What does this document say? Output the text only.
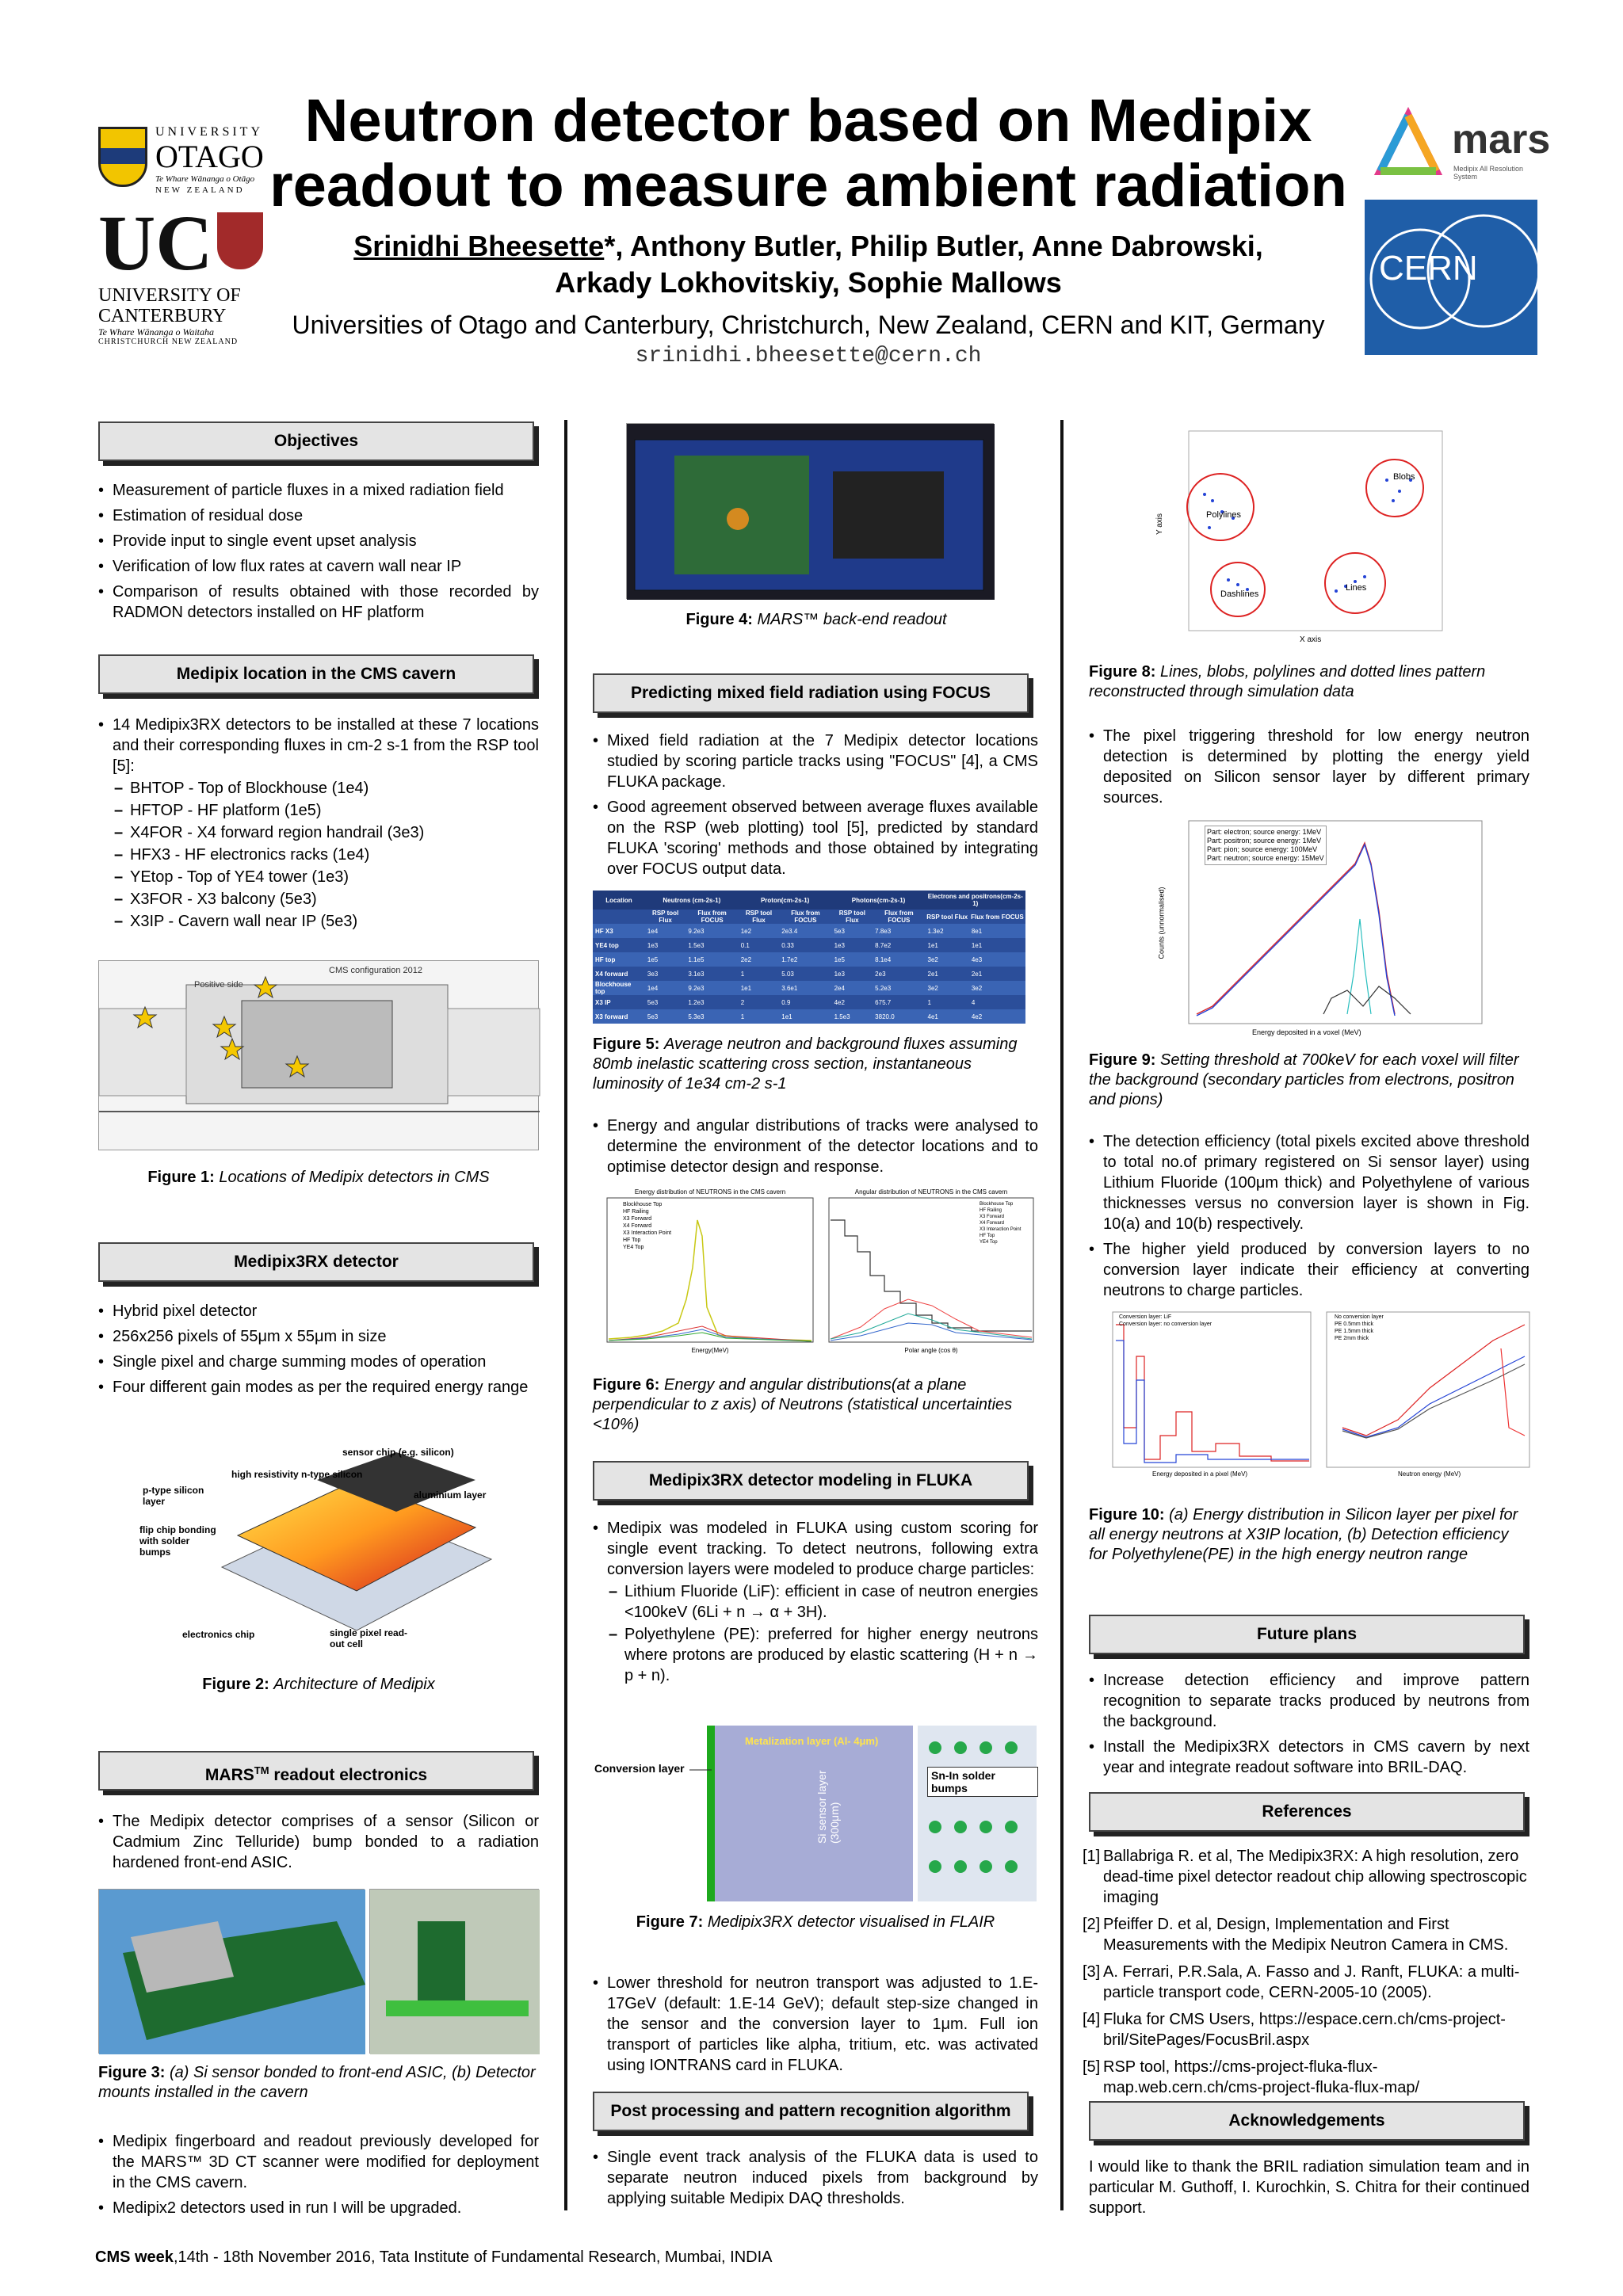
UNIVERSITY
OTAGO
Te Whare Wānanga o Otāgo
NEW ZEALAND
UC
UNIVERSITY OF
CANTERBURY
Te Whare Wānanga o Waitaha
CHRISTCHURCH NEW ZEALAND
Neutron detector based on Medipix
readout to measure ambient radiation
Srinidhi Bheesette*, Anthony Butler, Philip Butler, Anne Dabrowski,
Arkady Lokhovitskiy, Sophie Mallows
Universities of Otago and Canterbury, Christchurch, New Zealand, CERN and KIT, Germany
srinidhi.bheesette@cern.ch
mars
Medipix All Resolution System
CERN
Objectives
• Measurement of particle fluxes in a mixed radiation field
• Estimation of residual dose
• Provide input to single event upset analysis
• Verification of low flux rates at cavern wall near IP
• Comparison of results obtained with those recorded by RADMON detectors installed on HF platform
Medipix location in the CMS cavern
• 14 Medipix3RX detectors to be installed at these 7 locations and their corresponding fluxes in cm-2 s-1 from the RSP tool [5]:
– BHTOP - Top of Blockhouse (1e4)
– HFTOP - HF platform (1e5)
– X4FOR - X4 forward region handrail (3e3)
– HFX3 - HF electronics racks (1e4)
– YEtop - Top of YE4 tower (1e3)
– X3FOR - X3 balcony (5e3)
– X3IP - Cavern wall near IP (5e3)
CMS configuration 2012
Positive side
Figure 1: Locations of Medipix detectors in CMS
Medipix3RX detector
• Hybrid pixel detector
• 256x256 pixels of 55μm x 55μm in size
• Single pixel and charge summing modes of operation
• Four different gain modes as per the required energy range
sensor chip (e.g. silicon)
high resistivity n-type silicon
p-type silicon layer
aluminium layer
flip chip bonding with solder bumps
electronics chip	single pixel read-out cell
Figure 2: Architecture of Medipix
MARS™ readout electronics
• The Medipix detector comprises of a sensor (Silicon or Cadmium Zinc Telluride) bump bonded to a radiation hardened front-end ASIC.
Figure 3: (a) Si sensor bonded to front-end ASIC, (b) Detector mounts installed in the cavern
• Medipix fingerboard and readout previously developed for the MARS™ 3D CT scanner were modified for deployment in the CMS cavern.
• Medipix2 detectors used in run I will be upgraded.
Figure 4: MARS™ back-end readout
Predicting mixed field radiation using FOCUS
• Mixed field radiation at the 7 Medipix detector locations studied by scoring particle tracks using "FOCUS" [4], a CMS FLUKA package.
• Good agreement observed between average fluxes available on the RSP (web plotting) tool [5], predicted by standard FLUKA 'scoring' methods and those obtained by integrating over FOCUS output data.
Location	Neutrons (cm-2s-1)		Proton(cm-2s-1)		Photons(cm-2s-1)		Electrons and positrons(cm-2s-1)	
	RSP tool Flux	Flux from FOCUS	RSP tool Flux	Flux from FOCUS	RSP tool Flux	Flux from FOCUS	RSP tool Flux	Flux from FOCUS
HF X3	1e4	9.2e3	1e2	2e3.4	5e3	7.8e3	1.3e2	8e1
YE4 top	1e3	1.5e3	0.1	0.33	1e3	8.7e2	1e1	1e1
HF top	1e5	1.1e5	2e2	1.7e2	1e5	8.1e4	3e2	4e3
X4 forward	3e3	3.1e3	1	5.03	1e3	2e3	2e1	2e1
Blockhouse top	1e4	9.2e3	1e1	3.6e1	2e4	5.2e3	3e2	3e2
X3 IP	5e3	1.2e3	2	0.9	4e2	675.7	1	4
X3 forward	5e3	5.3e3	1	1e1	1.5e3	3820.0	4e1	4e2
Figure 5: Average neutron and background fluxes assuming 80mb inelastic scattering cross section, instantaneous luminosity of 1e34 cm-2 s-1
• Energy and angular distributions of tracks were analysed to determine the environment of the detector locations and to optimise detector design and response.
Energy distribution of NEUTRONS in the CMS cavern	Angular distribution of NEUTRONS in the CMS cavern
Blockhouse Top
HF Railing
X3 Forward
X4 Forward
X3 Interaction Point
HF Top
YE4 Top
Blockhouse Top
HF Railing
X3 Forward
X4 Forward
X3 Interaction Point
HF Top
YE4 Top
Energy(MeV)	Polar angle (cos θ)
Figure 6: Energy and angular distributions(at a plane perpendicular to z axis) of Neutrons (statistical uncertainties <10%)
Medipix3RX detector modeling in FLUKA
• Medipix was modeled in FLUKA using custom scoring for single event tracking. To detect neutrons, following extra conversion layers were modeled to produce charge particles:
– Lithium Fluoride (LiF): efficient in case of neutron energies <100keV (6Li + n → α + 3H).
– Polyethylene (PE): preferred for higher energy neutrons where protons are produced by elastic scattering (H + n → p + n).
Conversion layer
Metalization layer (Al- 4μm)
Si sensor layer (300μm)
Sn-In solder bumps
Figure 7: Medipix3RX detector visualised in FLAIR
• Lower threshold for neutron transport was adjusted to 1.E-17GeV (default: 1.E-14 GeV); default step-size changed in the sensor and the conversion layer to 1μm. Full ion transport of particles like alpha, tritium, etc. was activated using IONTRANS card in FLUKA.
Post processing and pattern recognition algorithm
• Single event track analysis of the FLUKA data is used to separate neutron induced pixels from background by applying suitable Medipix DAQ thresholds.
Blobs
Polylines
Dashlines
Lines
X axis
Y axis
Figure 8: Lines, blobs, polylines and dotted lines pattern reconstructed through simulation data
• The pixel triggering threshold for low energy neutron detection is determined by plotting the energy yield deposited on Silicon sensor layer by different primary sources.
Part: electron; source energy: 1MeV
Part: positron; source energy: 1MeV
Part: pion; source energy: 100MeV
Part: neutron; source energy: 15MeV
Energy deposited in a voxel (MeV)
Counts (unnormalised)
Figure 9: Setting threshold at 700keV for each voxel will filter the background (secondary particles from electrons, positron and pions)
• The detection efficiency (total pixels excited above threshold to total no.of primary registered on Si sensor layer) using Lithium Fluoride (100μm thick) and Polyethylene of various thicknesses versus no conversion layer is shown in Fig. 10(a) and 10(b) respectively.
• The higher yield produced by conversion layers to no conversion layer indicate their efficiency at converting neutrons to charge particles.
Conversion layer: LiF
Conversion layer: no conversion layer
No conversion layer
PE 0.5mm thick
PE 1.5mm thick
PE 2mm thick
Energy deposited in a pixel (MeV)	Neutron energy (MeV)
Figure 10: (a) Energy distribution in Silicon layer per pixel for all energy neutrons at X3IP location, (b) Detection efficiency for Polyethylene(PE) in the high energy neutron range
Future plans
• Increase detection efficiency and improve pattern recognition to separate tracks produced by neutrons from the background.
• Install the Medipix3RX detectors in CMS cavern by next year and integrate readout software into BRIL-DAQ.
References
[1] Ballabriga R. et al, The Medipix3RX: A high resolution, zero dead-time pixel detector readout chip allowing spectroscopic imaging
[2] Pfeiffer D. et al, Design, Implementation and First Measurements with the Medipix Neutron Camera in CMS.
[3] A. Ferrari, P.R.Sala, A. Fasso and J. Ranft, FLUKA: a multi-particle transport code, CERN-2005-10 (2005).
[4] Fluka for CMS Users, https://espace.cern.ch/cms-project-bril/SitePages/FocusBril.aspx
[5] RSP tool, https://cms-project-fluka-flux-map.web.cern.ch/cms-project-fluka-flux-map/
Acknowledgements
I would like to thank the BRIL radiation simulation team and in particular M. Guthoff, I. Kurochkin, S. Chitra for their continued support.
CMS week,14th - 18th November 2016, Tata Institute of Fundamental Research, Mumbai, INDIA
